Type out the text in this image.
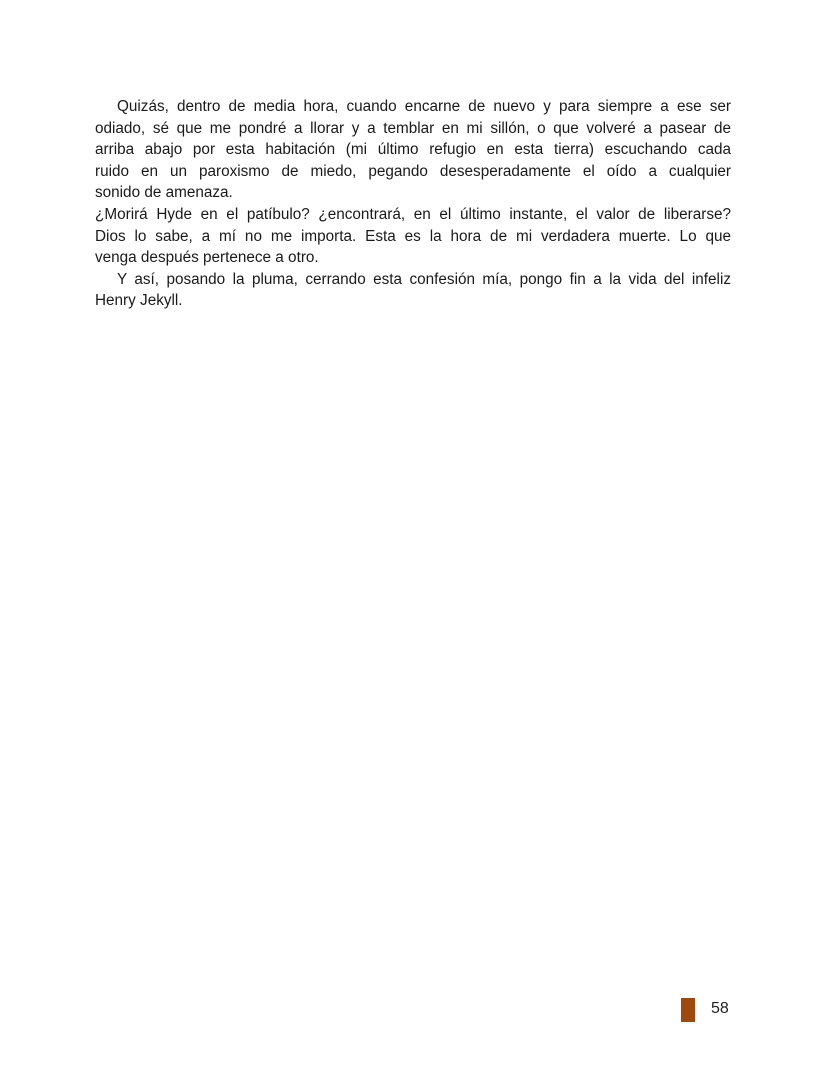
Quizás, dentro de media hora, cuando encarne de nuevo y para siempre a ese ser
odiado, sé que me pondré a llorar y a temblar en mi sillón, o que volveré a pasear de
arriba abajo por esta habitación (mi último refugio en esta tierra) escuchando cada
ruido en un paroxismo de miedo, pegando desesperadamente el oído a cualquier
sonido de amenaza.
¿Morirá Hyde en el patíbulo? ¿encontrará, en el último instante, el valor de liberarse?
Dios lo sabe, a mí no me importa. Esta es la hora de mi verdadera muerte. Lo que
venga después pertenece a otro.
Y así, posando la pluma, cerrando esta confesión mía, pongo fin a la vida del infeliz
Henry Jekyll.
58
